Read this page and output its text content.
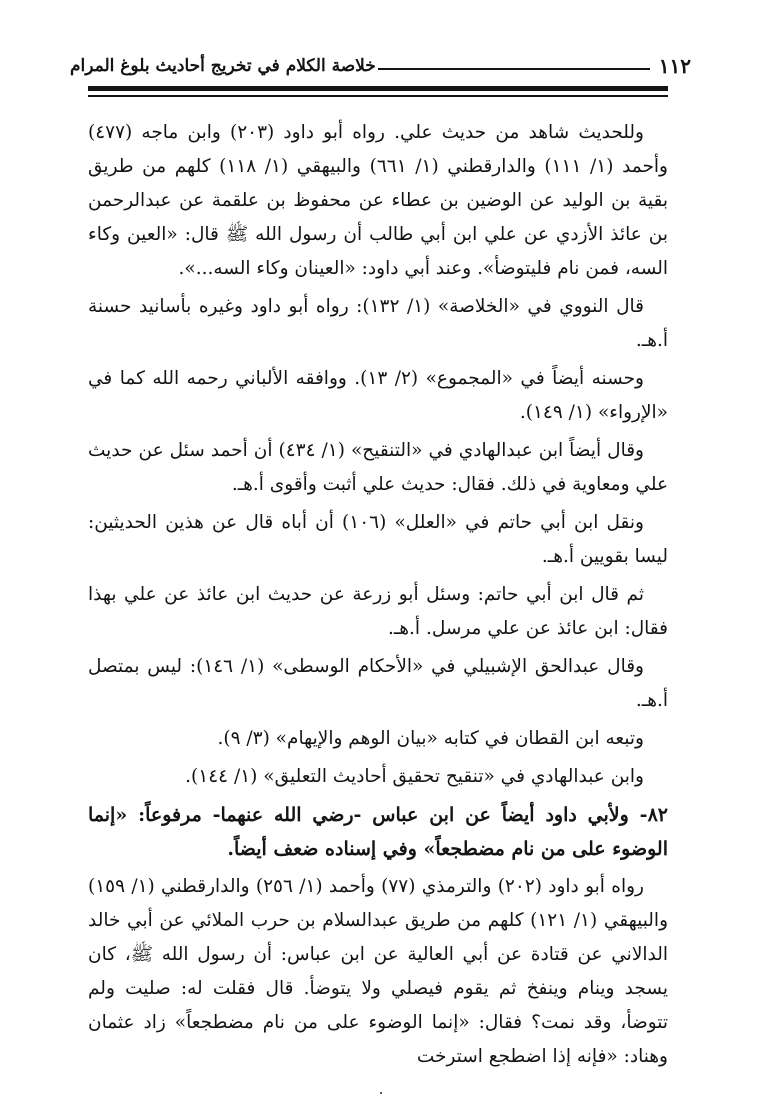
١١٢
خلاصة الكلام في تخريج أحاديث بلوغ المرام

وللحديث شاهد من حديث علي. رواه أبو داود (٢٠٣) وابن ماجه (٤٧٧) وأحمد (١/ ١١١) والدارقطني (١/ ٦٦١) والبيهقي (١/ ١١٨) كلهم من طريق بقية بن الوليد عن الوضين بن عطاء عن محفوظ بن علقمة عن عبدالرحمن بن عائذ الأزدي عن علي ابن أبي طالب أن رسول الله ﷺ قال: «العين وكاء السه، فمن نام فليتوضأ». وعند أبي داود: «العينان وكاء السه...».

قال النووي في «الخلاصة» (١/ ١٣٢): رواه أبو داود وغيره بأسانيد حسنة أ.هـ.

وحسنه أيضاً في «المجموع» (٢/ ١٣). ووافقه الألباني رحمه الله كما في «الإرواء» (١/ ١٤٩).

وقال أيضاً ابن عبدالهادي في «التنقيح» (١/ ٤٣٤) أن أحمد سئل عن حديث علي ومعاوية في ذلك. فقال: حديث علي أثبت وأقوى أ.هـ.

ونقل ابن أبي حاتم في «العلل» (١٠٦) أن أباه قال عن هذين الحديثين: ليسا بقويين أ.هـ.

ثم قال ابن أبي حاتم: وسئل أبو زرعة عن حديث ابن عائذ عن علي بهذا فقال: ابن عائذ عن علي مرسل. أ.هـ.

وقال عبدالحق الإشبيلي في «الأحكام الوسطى» (١/ ١٤٦): ليس بمتصل أ.هـ.

وتبعه ابن القطان في كتابه «بيان الوهم والإيهام» (٣/ ٩).

وابن عبدالهادي في «تنقيح تحقيق أحاديث التعليق» (١/ ١٤٤).

٨٢- ولأبي داود أيضاً عن ابن عباس -رضي الله عنهما- مرفوعاً: «إنما الوضوء على من نام مضطجعاً» وفي إسناده ضعف أيضاً.

رواه أبو داود (٢٠٢) والترمذي (٧٧) وأحمد (١/ ٢٥٦) والدارقطني (١/ ١٥٩) والبيهقي (١/ ١٢١) كلهم من طريق عبدالسلام بن حرب الملائي عن أبي خالد الدالاني عن قتادة عن أبي العالية عن ابن عباس: أن رسول الله ﷺ، كان يسجد وينام وينفخ ثم يقوم فيصلي ولا يتوضأ. قال فقلت له: صليت ولم تتوضأ، وقد نمت؟ فقال: «إنما الوضوء على من نام مضطجعاً» زاد عثمان وهناد: «فإنه إذا اضطجع استرخت
